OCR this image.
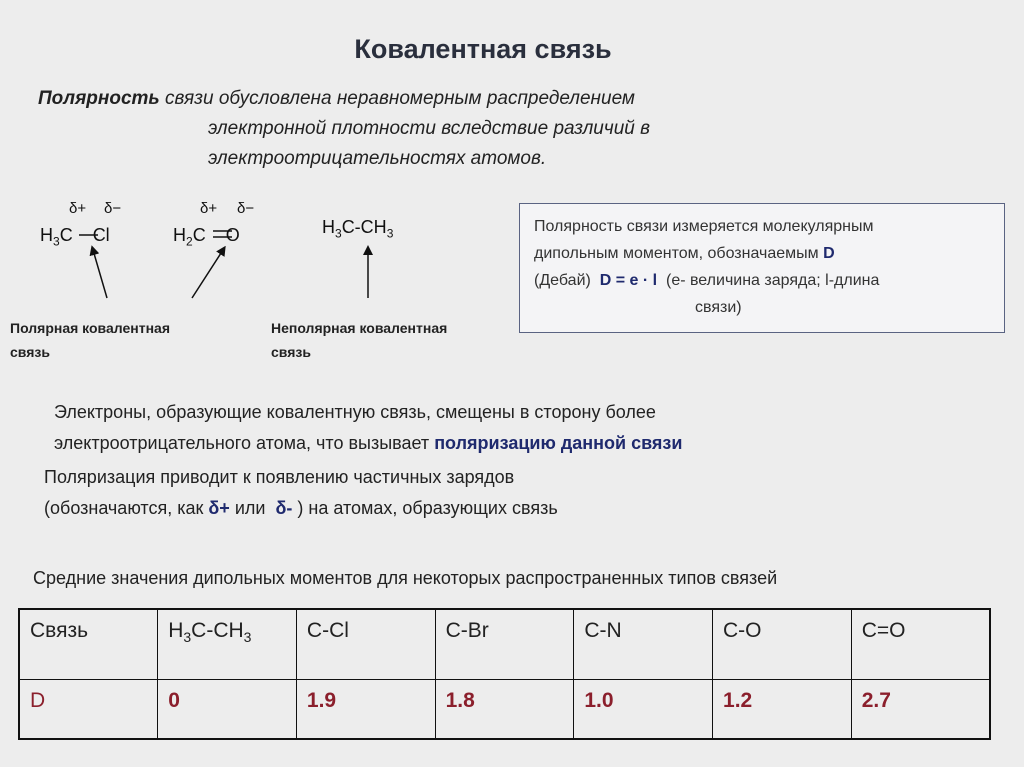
Ковалентная связь
Полярность связи обусловлена неравномерным распределением
электронной плотности вследствие различий в
электроотрицательностях атомов.
δ+ δ−
$H_3C$ Cl
δ+ δ−
$H_2C$ O	$H_3C-CH_3$
Полярная ковалентная
связь
Неполярная ковалентная
связь
Полярность связи измеряется молекулярным
дипольным моментом, обозначаемым D
(Дебай) D = e · l (е- величина заряда; l-длина
связи)
Электроны, образующие ковалентную связь, смещены в сторону более
электроотрицательного атома, что вызывает поляризацию данной связи
Поляризация приводит к появлению частичных зарядов
(обозначаются, как δ+ или δ- ) на атомах, образующих связь
Средние значения дипольных моментов для некоторых распространенных типов связей
Связь	$H_3C-CH_3$	C-Cl	C-Br	C-N	C-O	C=O
D	0	1.9	1.8	1.0	1.2	2.7
